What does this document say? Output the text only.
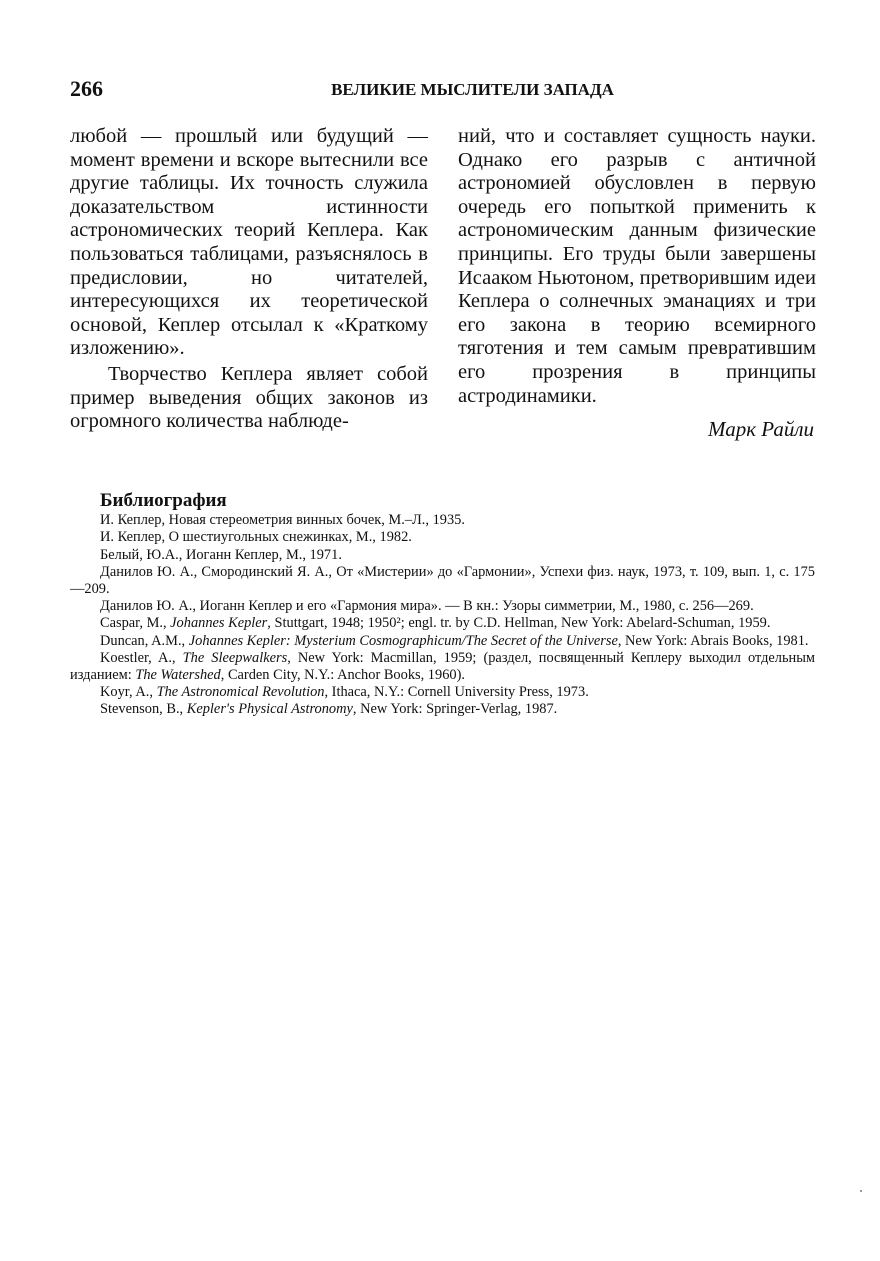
266	ВЕЛИКИЕ МЫСЛИТЕЛИ ЗАПАДА

любой — прошлый или будущий — момент времени и вскоре вытеснили все другие таблицы. Их точность служила доказательством истинности астрономических теорий Кеплера. Как пользоваться таблицами, разъяснялось в предисловии, но читателей, интересующихся их теоретической основой, Кеплер отсылал к «Краткому изложению».

Творчество Кеплера являет собой пример выведения общих законов из огромного количества наблюде-

ний, что и составляет сущность науки. Однако его разрыв с античной астрономией обусловлен в первую очередь его попыткой применить к астрономическим данным физические принципы. Его труды были завершены Исааком Ньютоном, претворившим идеи Кеплера о солнечных эманациях и три его закона в теорию всемирного тяготения и тем самым превратившим его прозрения в принципы астродинамики.

Марк Райли
Библиография
И. Кеплер, Новая стереометрия винных бочек, М.–Л., 1935.
И. Кеплер, О шестиугольных снежинках, М., 1982.
Белый, Ю.А., Иоганн Кеплер, М., 1971.
Данилов Ю. А., Смородинский Я. А., От «Мистерии» до «Гармонии», Успехи физ. наук, 1973, т. 109, вып. 1, с. 175—209.
Данилов Ю. А., Иоганн Кеплер и его «Гармония мира». — В кн.: Узоры симметрии, М., 1980, с. 256—269.
Caspar, M., Johannes Kepler, Stuttgart, 1948; 1950²; engl. tr. by C.D. Hellman, New York: Abelard-Schuman, 1959.
Duncan, A.M., Johannes Kepler: Mysterium Cosmographicum/The Secret of the Universe, New York: Abrais Books, 1981.
Koestler, A., The Sleepwalkers, New York: Macmillan, 1959; (раздел, посвященный Кеплеру выходил отдельным изданием: The Watershed, Carden City, N.Y.: Anchor Books, 1960).
Koyr, A., The Astronomical Revolution, Ithaca, N.Y.: Cornell University Press, 1973.
Stevenson, B., Kepler's Physical Astronomy, New York: Springer-Verlag, 1987.
